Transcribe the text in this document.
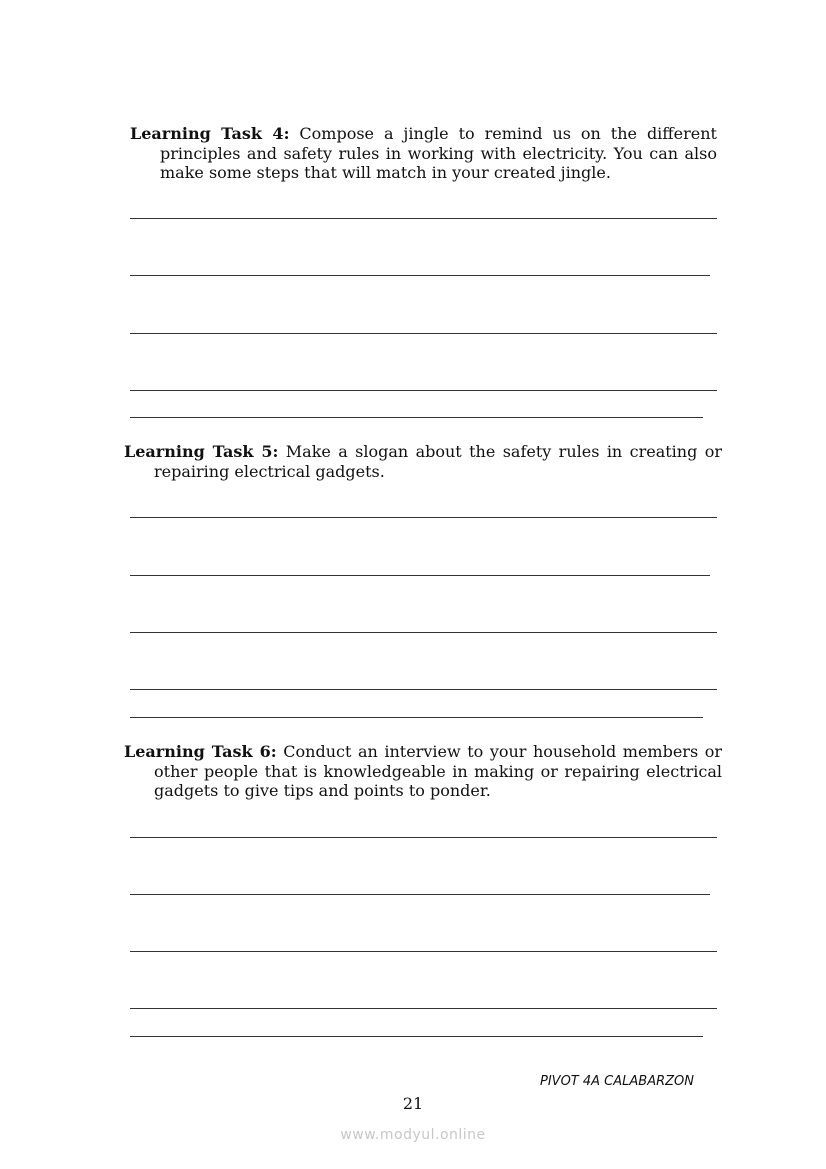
Learning Task 4: Compose a jingle to remind us on the different
principles and safety rules in working with electricity. You can also
make some steps that will match in your created jingle.
Learning Task 5: Make a slogan about the safety rules in creating or
repairing electrical gadgets.
Learning Task 6: Conduct an interview to your household members or
other people that is knowledgeable in making or repairing electrical
gadgets to give tips and points to ponder.
PIVOT 4A CALABARZON
21
www.modyul.online
